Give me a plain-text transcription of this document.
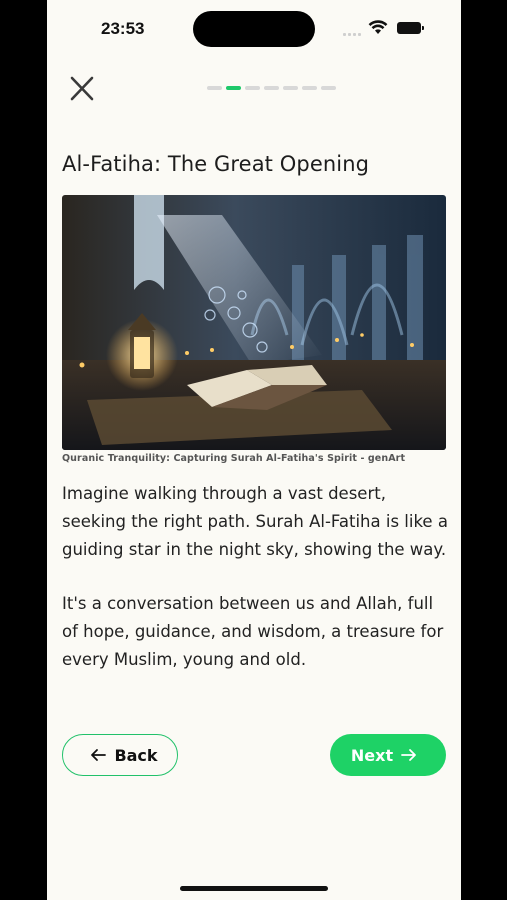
23:53
Al-Fatiha: The Great Opening
Quranic Tranquility: Capturing Surah Al-Fatiha's Spirit - genArt

Imagine walking through a vast desert, seeking the right path. Surah Al-Fatiha is like a guiding star in the night sky, showing the way.

It's a conversation between us and Allah, full of hope, guidance, and wisdom, a treasure for every Muslim, young and old.

Back	Next
